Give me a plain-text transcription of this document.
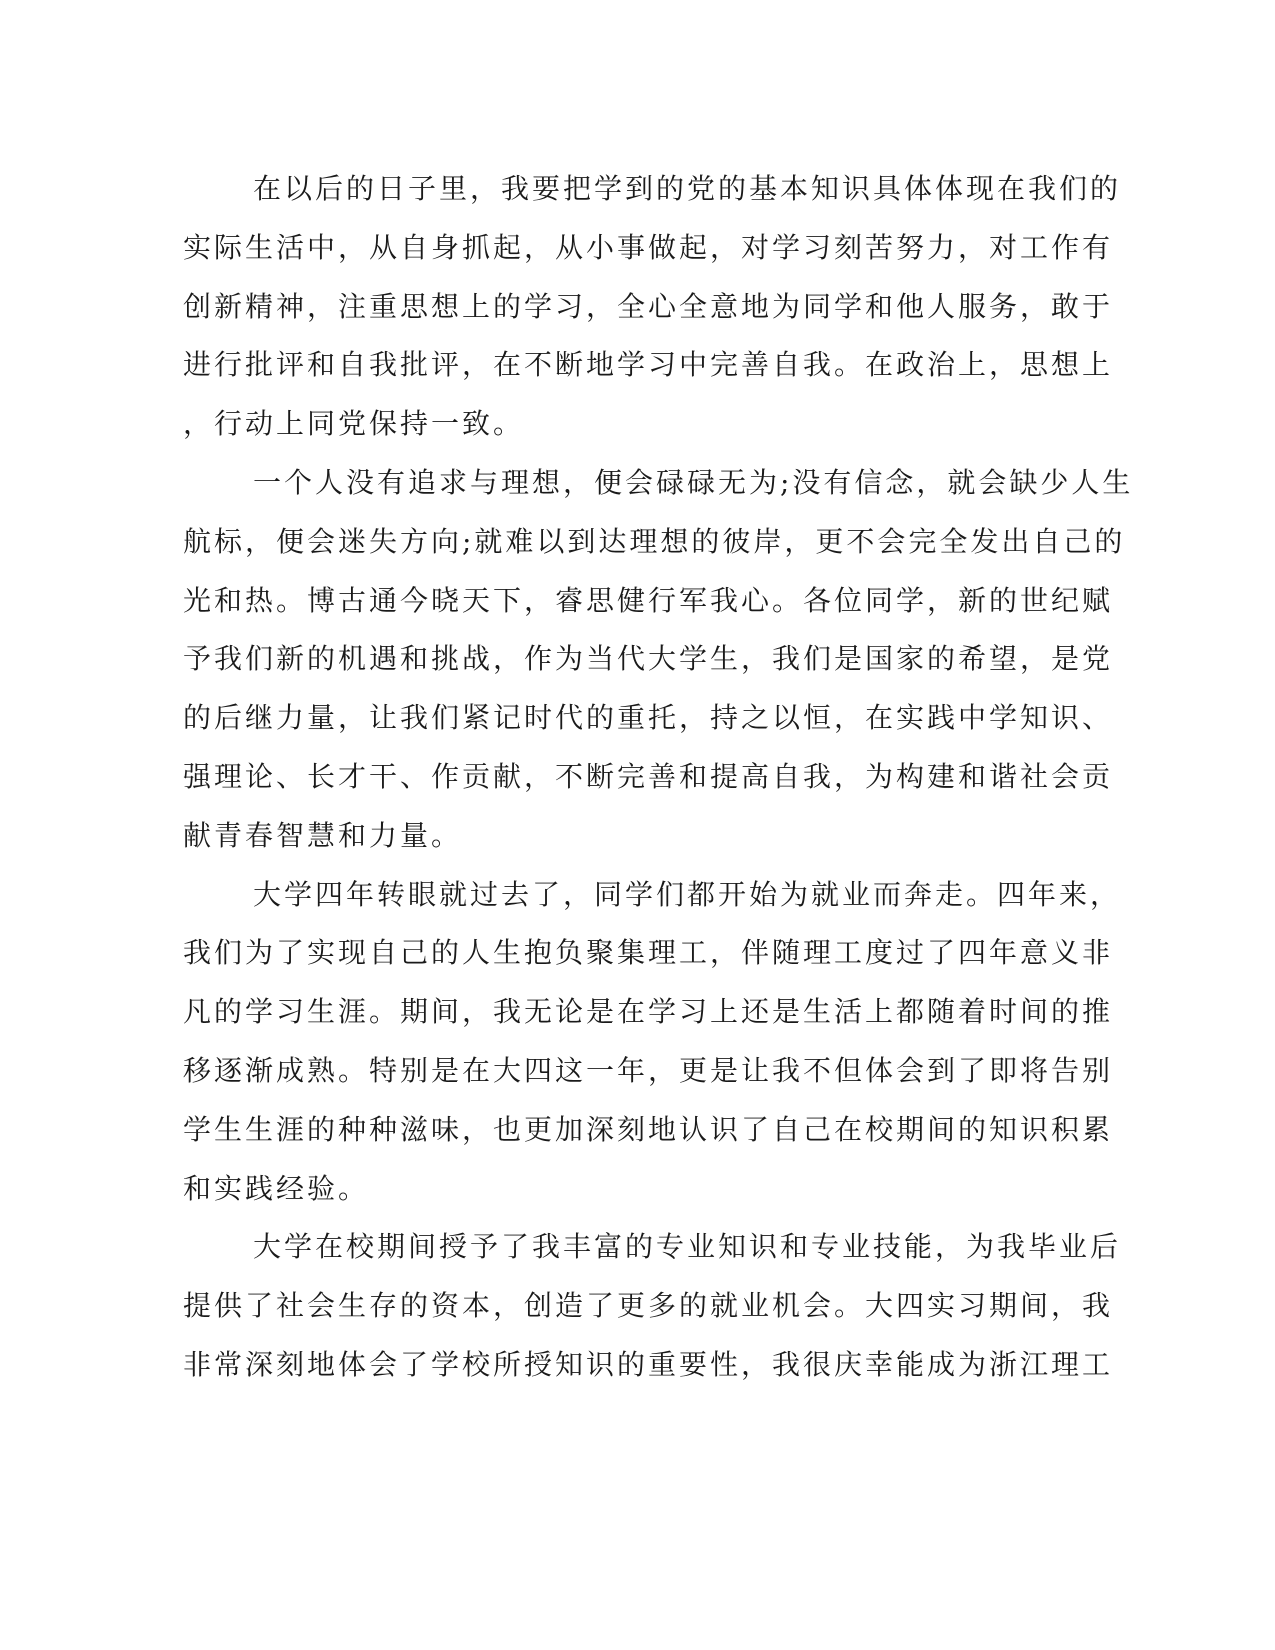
在以后的日子里，我要把学到的党的基本知识具体体现在我们的
实际生活中，从自身抓起，从小事做起，对学习刻苦努力，对工作有
创新精神，注重思想上的学习，全心全意地为同学和他人服务，敢于
进行批评和自我批评，在不断地学习中完善自我。在政治上，思想上
，行动上同党保持一致。
一个人没有追求与理想，便会碌碌无为;没有信念，就会缺少人生
航标，便会迷失方向;就难以到达理想的彼岸，更不会完全发出自己的
光和热。博古通今晓天下，睿思健行军我心。各位同学，新的世纪赋
予我们新的机遇和挑战，作为当代大学生，我们是国家的希望，是党
的后继力量，让我们紧记时代的重托，持之以恒，在实践中学知识、
强理论、长才干、作贡献，不断完善和提高自我，为构建和谐社会贡
献青春智慧和力量。
大学四年转眼就过去了，同学们都开始为就业而奔走。四年来，
我们为了实现自己的人生抱负聚集理工，伴随理工度过了四年意义非
凡的学习生涯。期间，我无论是在学习上还是生活上都随着时间的推
移逐渐成熟。特别是在大四这一年，更是让我不但体会到了即将告别
学生生涯的种种滋味，也更加深刻地认识了自己在校期间的知识积累
和实践经验。
大学在校期间授予了我丰富的专业知识和专业技能，为我毕业后
提供了社会生存的资本，创造了更多的就业机会。大四实习期间，我
非常深刻地体会了学校所授知识的重要性，我很庆幸能成为浙江理工
